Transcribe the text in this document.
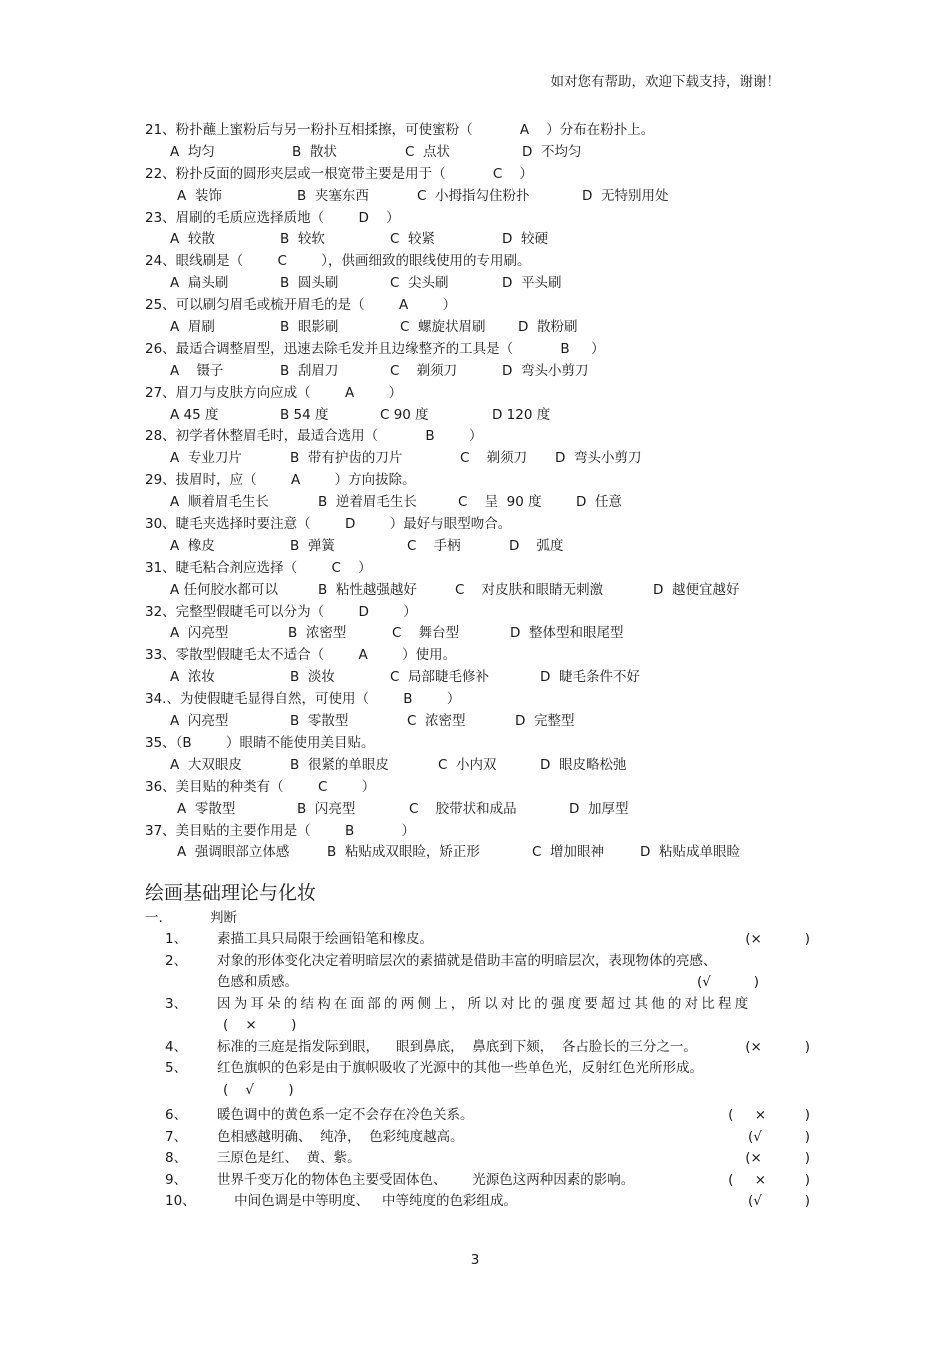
如对您有帮助，欢迎下载支持，谢谢！
21、粉扑蘸上蜜粉后与另一粉扑互相揉擦，可使蜜粉（           A    ）分布在粉扑上。
A  均匀	B  散状	C  点状	D  不均匀
22、粉扑反面的圆形夹层或一根宽带主要是用于（           C    ）
A  装饰	B  夹塞东西	C  小拇指勾住粉扑	D  无特别用处
23、眉刷的毛质应选择质地（        D    ）
A  较散	B  较软	C  较紧	D  较硬
24、眼线刷是（        C        ），供画细致的眼线使用的专用刷。
A  扁头刷	B  圆头刷	C  尖头刷	D  平头刷
25、可以刷匀眉毛或梳开眉毛的是（        A        ）
A  眉刷	B  眼影刷	C  螺旋状眉刷	D  散粉刷
26、最适合调整眉型，迅速去除毛发并且边缘整齐的工具是（           B     ）
A    镊子	B  刮眉刀	C    剃须刀	D  弯头小剪刀
27、眉刀与皮肤方向应成（        A        ）
A 45 度	B 54 度	C 90 度	D 120 度
28、初学者休整眉毛时，最适合选用（           B        ）
A  专业刀片	B  带有护齿的刀片	C    剃须刀	D  弯头小剪刀
29、拔眉时，应（        A        ）方向拔除。
A  顺着眉毛生长	B  逆着眉毛生长	C    呈  90 度	D  任意
30、睫毛夹选择时要注意（        D        ）最好与眼型吻合。
A  橡皮	B  弹簧	C    手柄	D    弧度
31、睫毛粘合剂应选择（        C    ）
A 任何胶水都可以	B  粘性越强越好	C    对皮肤和眼睛无刺激	D  越便宜越好
32、完整型假睫毛可以分为（        D        ）
A  闪亮型	B  浓密型	C    舞台型	D  整体型和眼尾型
33、零散型假睫毛太不适合（        A        ）使用。
A  浓妆	B  淡妆	C  局部睫毛修补	D  睫毛条件不好
34.、为使假睫毛显得自然，可使用（        B        ）
A  闪亮型	B  零散型	C  浓密型	D  完整型
35、（B        ）眼睛不能使用美目贴。
A  大双眼皮	B  很紧的单眼皮	C  小内双	D  眼皮略松弛
36、美目贴的种类有（        C        ）
A  零散型	B  闪亮型	C    胶带状和成品	D  加厚型
37、美目贴的主要作用是（        B           ）
A  强调眼部立体感	B  粘贴成双眼睑，矫正形	C  增加眼神	D  粘贴成单眼睑
绘画基础理论与化妆
一.	判断
1、	素描工具只局限于绘画铅笔和橡皮。	(×          )
2、	对象的形体变化决定着明暗层次的素描就是借助丰富的明暗层次，表现物体的亮感、
色感和质感。	(√          )
3、	因为耳朵的结构在面部的两侧上，所以对比的强度要超过其他的对比程度
(    ×        )
4、	标准的三庭是指发际到眼，    眼到鼻底，  鼻底到下颏，  各占脸长的三分之一。	(×          )
5、	红色旗帜的色彩是由于旗帜吸收了光源中的其他一些单色光，反射红色光所形成。
(    √        )
6、	暖色调中的黄色系一定不会存在冷色关系。	(     ×         )
7、	色相感越明确、  纯净，  色彩纯度越高。	(√          )
8、	三原色是红、  黄、紫。	(×          )
9、	世界千变万化的物体色主要受固体色、      光源色这两种因素的影响。	(     ×         )
10、	中间色调是中等明度、   中等纯度的色彩组成。	(√          )
3
